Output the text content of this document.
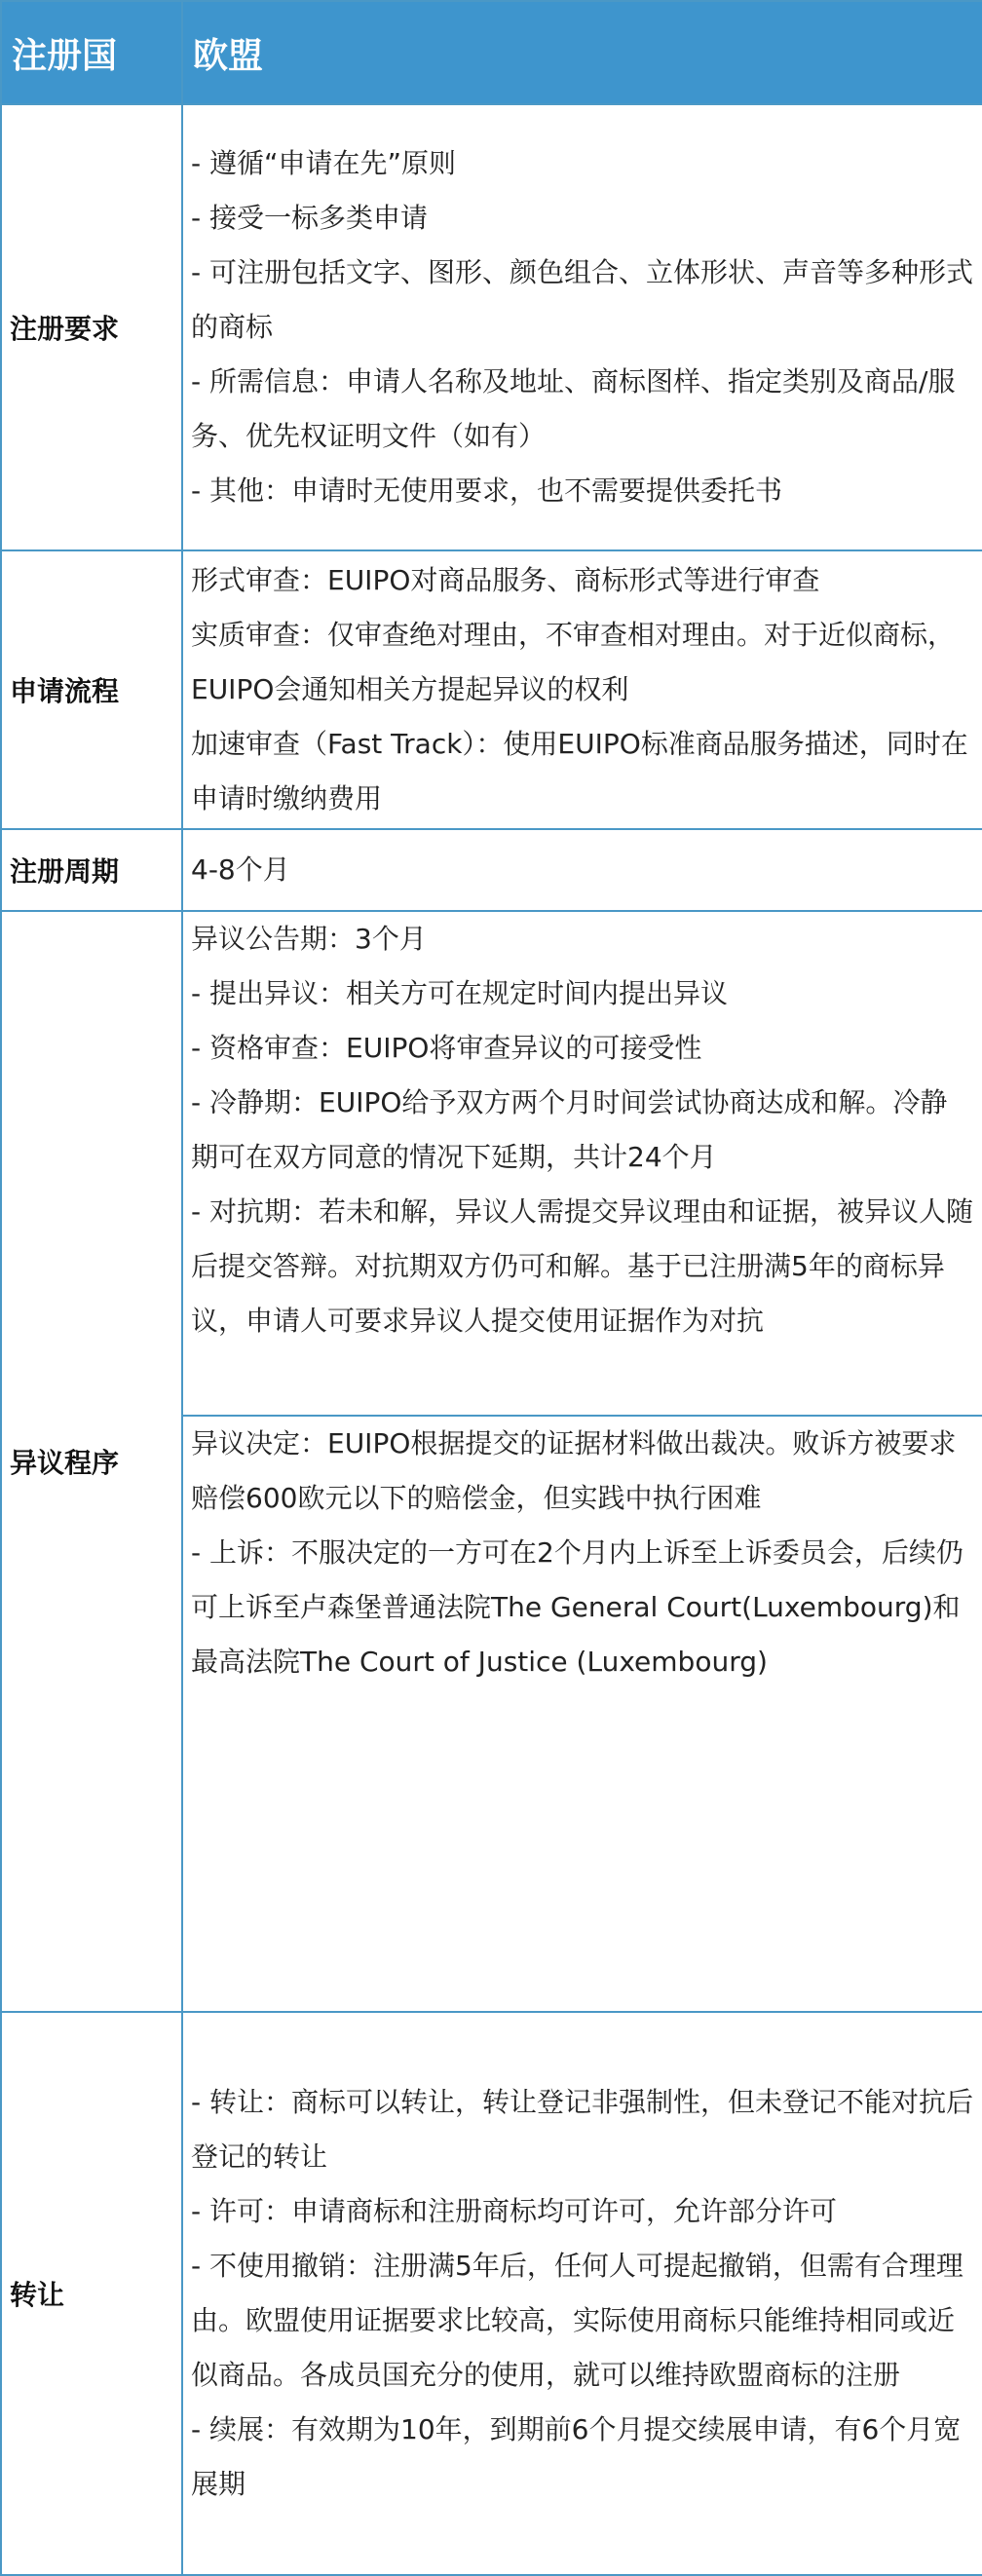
注册国	欧盟
注册要求	- 遵循“申请在先”原则
- 接受一标多类申请
- 可注册包括文字、图形、颜色组合、立体形状、声音等多种形式的商标
- 所需信息：申请人名称及地址、商标图样、指定类别及商品/服务、优先权证明文件（如有）
- 其他：申请时无使用要求，也不需要提供委托书

申请流程	形式审查：EUIPO对商品服务、商标形式等进行审查
实质审查：仅审查绝对理由，不审查相对理由。对于近似商标，EUIPO会通知相关方提起异议的权利
加速审查（Fast Track）：使用EUIPO标准商品服务描述，同时在申请时缴纳费用

注册周期	4-8个月
异议程序	异议公告期：3个月
- 提出异议：相关方可在规定时间内提出异议
- 资格审查：EUIPO将审查异议的可接受性
- 冷静期：EUIPO给予双方两个月时间尝试协商达成和解。冷静期可在双方同意的情况下延期，共计24个月
- 对抗期：若未和解，异议人需提交异议理由和证据，被异议人随后提交答辩。对抗期双方仍可和解。基于已注册满5年的商标异议，申请人可要求异议人提交使用证据作为对抗

	异议决定：EUIPO根据提交的证据材料做出裁决。败诉方被要求赔偿600欧元以下的赔偿金，但实践中执行困难
- 上诉：不服决定的一方可在2个月内上诉至上诉委员会，后续仍可上诉至卢森堡普通法院The General Court(Luxembourg)和最高法院The Court of Justice (Luxembourg)

转让	- 转让：商标可以转让，转让登记非强制性，但未登记不能对抗后登记的转让
- 许可：申请商标和注册商标均可许可，允许部分许可
- 不使用撤销：注册满5年后，任何人可提起撤销，但需有合理理由。欧盟使用证据要求比较高，实际使用商标只能维持相同或近似商品。各成员国充分的使用，就可以维持欧盟商标的注册
- 续展：有效期为10年，到期前6个月提交续展申请，有6个月宽展期
